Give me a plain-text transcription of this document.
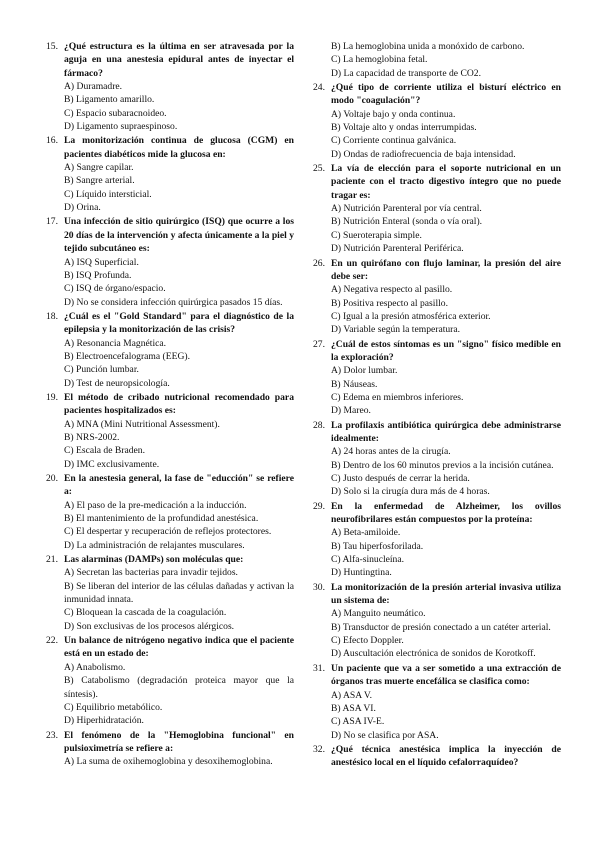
15. ¿Qué estructura es la última en ser atravesada por la aguja en una anestesia epidural antes de inyectar el fármaco?
A) Duramadre.
B) Ligamento amarillo.
C) Espacio subaracnoideo.
D) Ligamento supraespinoso.
16. La monitorización continua de glucosa (CGM) en pacientes diabéticos mide la glucosa en:
A) Sangre capilar.
B) Sangre arterial.
C) Líquido intersticial.
D) Orina.
17. Una infección de sitio quirúrgico (ISQ) que ocurre a los 20 días de la intervención y afecta únicamente a la piel y tejido subcutáneo es:
A) ISQ Superficial.
B) ISQ Profunda.
C) ISQ de órgano/espacio.
D) No se considera infección quirúrgica pasados 15 días.
18. ¿Cuál es el "Gold Standard" para el diagnóstico de la epilepsia y la monitorización de las crisis?
A) Resonancia Magnética.
B) Electroencefalograma (EEG).
C) Punción lumbar.
D) Test de neuropsicología.
19. El método de cribado nutricional recomendado para pacientes hospitalizados es:
A) MNA (Mini Nutritional Assessment).
B) NRS-2002.
C) Escala de Braden.
D) IMC exclusivamente.
20. En la anestesia general, la fase de "educción" se refiere a:
A) El paso de la pre-medicación a la inducción.
B) El mantenimiento de la profundidad anestésica.
C) El despertar y recuperación de reflejos protectores.
D) La administración de relajantes musculares.
21. Las alarminas (DAMPs) son moléculas que:
A) Secretan las bacterias para invadir tejidos.
B) Se liberan del interior de las células dañadas y activan la inmunidad innata.
C) Bloquean la cascada de la coagulación.
D) Son exclusivas de los procesos alérgicos.
22. Un balance de nitrógeno negativo indica que el paciente está en un estado de:
A) Anabolismo.
B) Catabolismo (degradación proteica mayor que la síntesis).
C) Equilibrio metabólico.
D) Hiperhidratación.
23. El fenómeno de la "Hemoglobina funcional" en pulsioximetría se refiere a:
A) La suma de oxihemoglobina y desoxihemoglobina.
B) La hemoglobina unida a monóxido de carbono.
C) La hemoglobina fetal.
D) La capacidad de transporte de CO2.
24. ¿Qué tipo de corriente utiliza el bisturí eléctrico en modo "coagulación"?
A) Voltaje bajo y onda continua.
B) Voltaje alto y ondas interrumpidas.
C) Corriente continua galvánica.
D) Ondas de radiofrecuencia de baja intensidad.
25. La vía de elección para el soporte nutricional en un paciente con el tracto digestivo íntegro que no puede tragar es:
A) Nutrición Parenteral por vía central.
B) Nutrición Enteral (sonda o vía oral).
C) Sueroterapia simple.
D) Nutrición Parenteral Periférica.
26. En un quirófano con flujo laminar, la presión del aire debe ser:
A) Negativa respecto al pasillo.
B) Positiva respecto al pasillo.
C) Igual a la presión atmosférica exterior.
D) Variable según la temperatura.
27. ¿Cuál de estos síntomas es un "signo" físico medible en la exploración?
A) Dolor lumbar.
B) Náuseas.
C) Edema en miembros inferiores.
D) Mareo.
28. La profilaxis antibiótica quirúrgica debe administrarse idealmente:
A) 24 horas antes de la cirugía.
B) Dentro de los 60 minutos previos a la incisión cutánea.
C) Justo después de cerrar la herida.
D) Solo si la cirugía dura más de 4 horas.
29. En la enfermedad de Alzheimer, los ovillos neurofibrilares están compuestos por la proteína:
A) Beta-amiloide.
B) Tau hiperfosforilada.
C) Alfa-sinucleína.
D) Huntingtina.
30. La monitorización de la presión arterial invasiva utiliza un sistema de:
A) Manguito neumático.
B) Transductor de presión conectado a un catéter arterial.
C) Efecto Doppler.
D) Auscultación electrónica de sonidos de Korotkoff.
31. Un paciente que va a ser sometido a una extracción de órganos tras muerte encefálica se clasifica como:
A) ASA V.
B) ASA VI.
C) ASA IV-E.
D) No se clasifica por ASA.
32. ¿Qué técnica anestésica implica la inyección de anestésico local en el líquido cefalorraquídeo?
